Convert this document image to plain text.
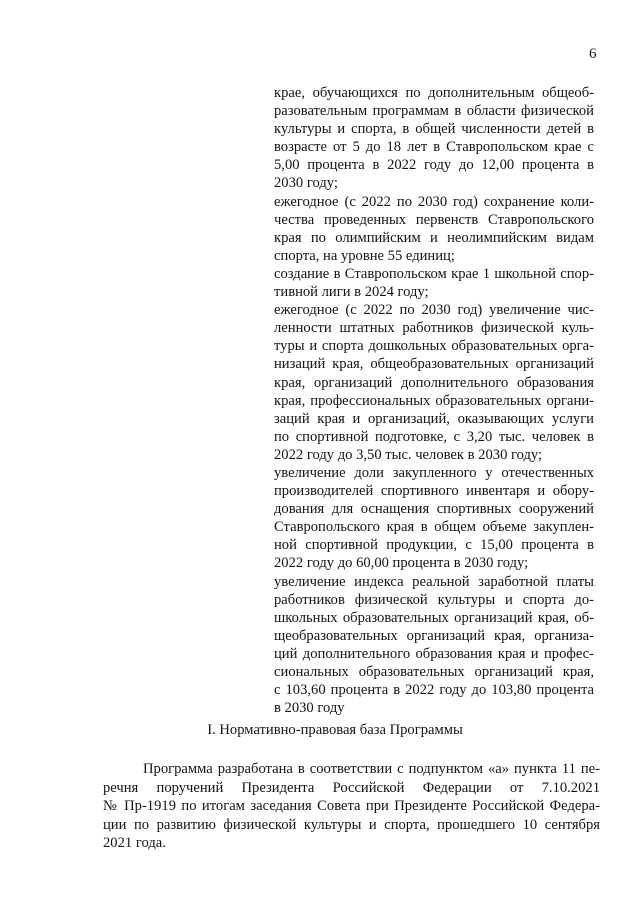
6
крае, обучающихся по дополнительным общеоб-
разовательным программам в области физической
культуры и спорта, в общей численности детей в
возрасте от 5 до 18 лет в Ставропольском крае с
5,00 процента в 2022 году до 12,00 процента в
2030 году;
ежегодное (с 2022 по 2030 год) сохранение коли-
чества проведенных первенств Ставропольского
края по олимпийским и неолимпийским видам
спорта, на уровне 55 единиц;
создание в Ставропольском крае 1 школьной спор-
тивной лиги в 2024 году;
ежегодное (с 2022 по 2030 год) увеличение чис-
ленности штатных работников физической куль-
туры и спорта дошкольных образовательных орга-
низаций края, общеобразовательных организаций
края, организаций дополнительного образования
края, профессиональных образовательных органи-
заций края и организаций, оказывающих услуги
по спортивной подготовке, с 3,20 тыс. человек в
2022 году до 3,50 тыс. человек в 2030 году;
увеличение доли закупленного у отечественных
производителей спортивного инвентаря и обору-
дования для оснащения спортивных сооружений
Ставропольского края в общем объеме закуплен-
ной спортивной продукции, с 15,00 процента в
2022 году до 60,00 процента в 2030 году;
увеличение индекса реальной заработной платы
работников физической культуры и спорта до-
школьных образовательных организаций края, об-
щеобразовательных организаций края, организа-
ций дополнительного образования края и профес-
сиональных образовательных организаций края,
с 103,60 процента в 2022 году до 103,80 процента
в 2030 году
I. Нормативно-правовая база Программы
Программа разработана в соответствии с подпунктом «а» пункта 11 пе-
речня поручений Президента Российской Федерации от 7.10.2021
№ Пр-1919 по итогам заседания Совета при Президенте Российской Федера-
ции по развитию физической культуры и спорта, прошедшего 10 сентября
2021 года.
